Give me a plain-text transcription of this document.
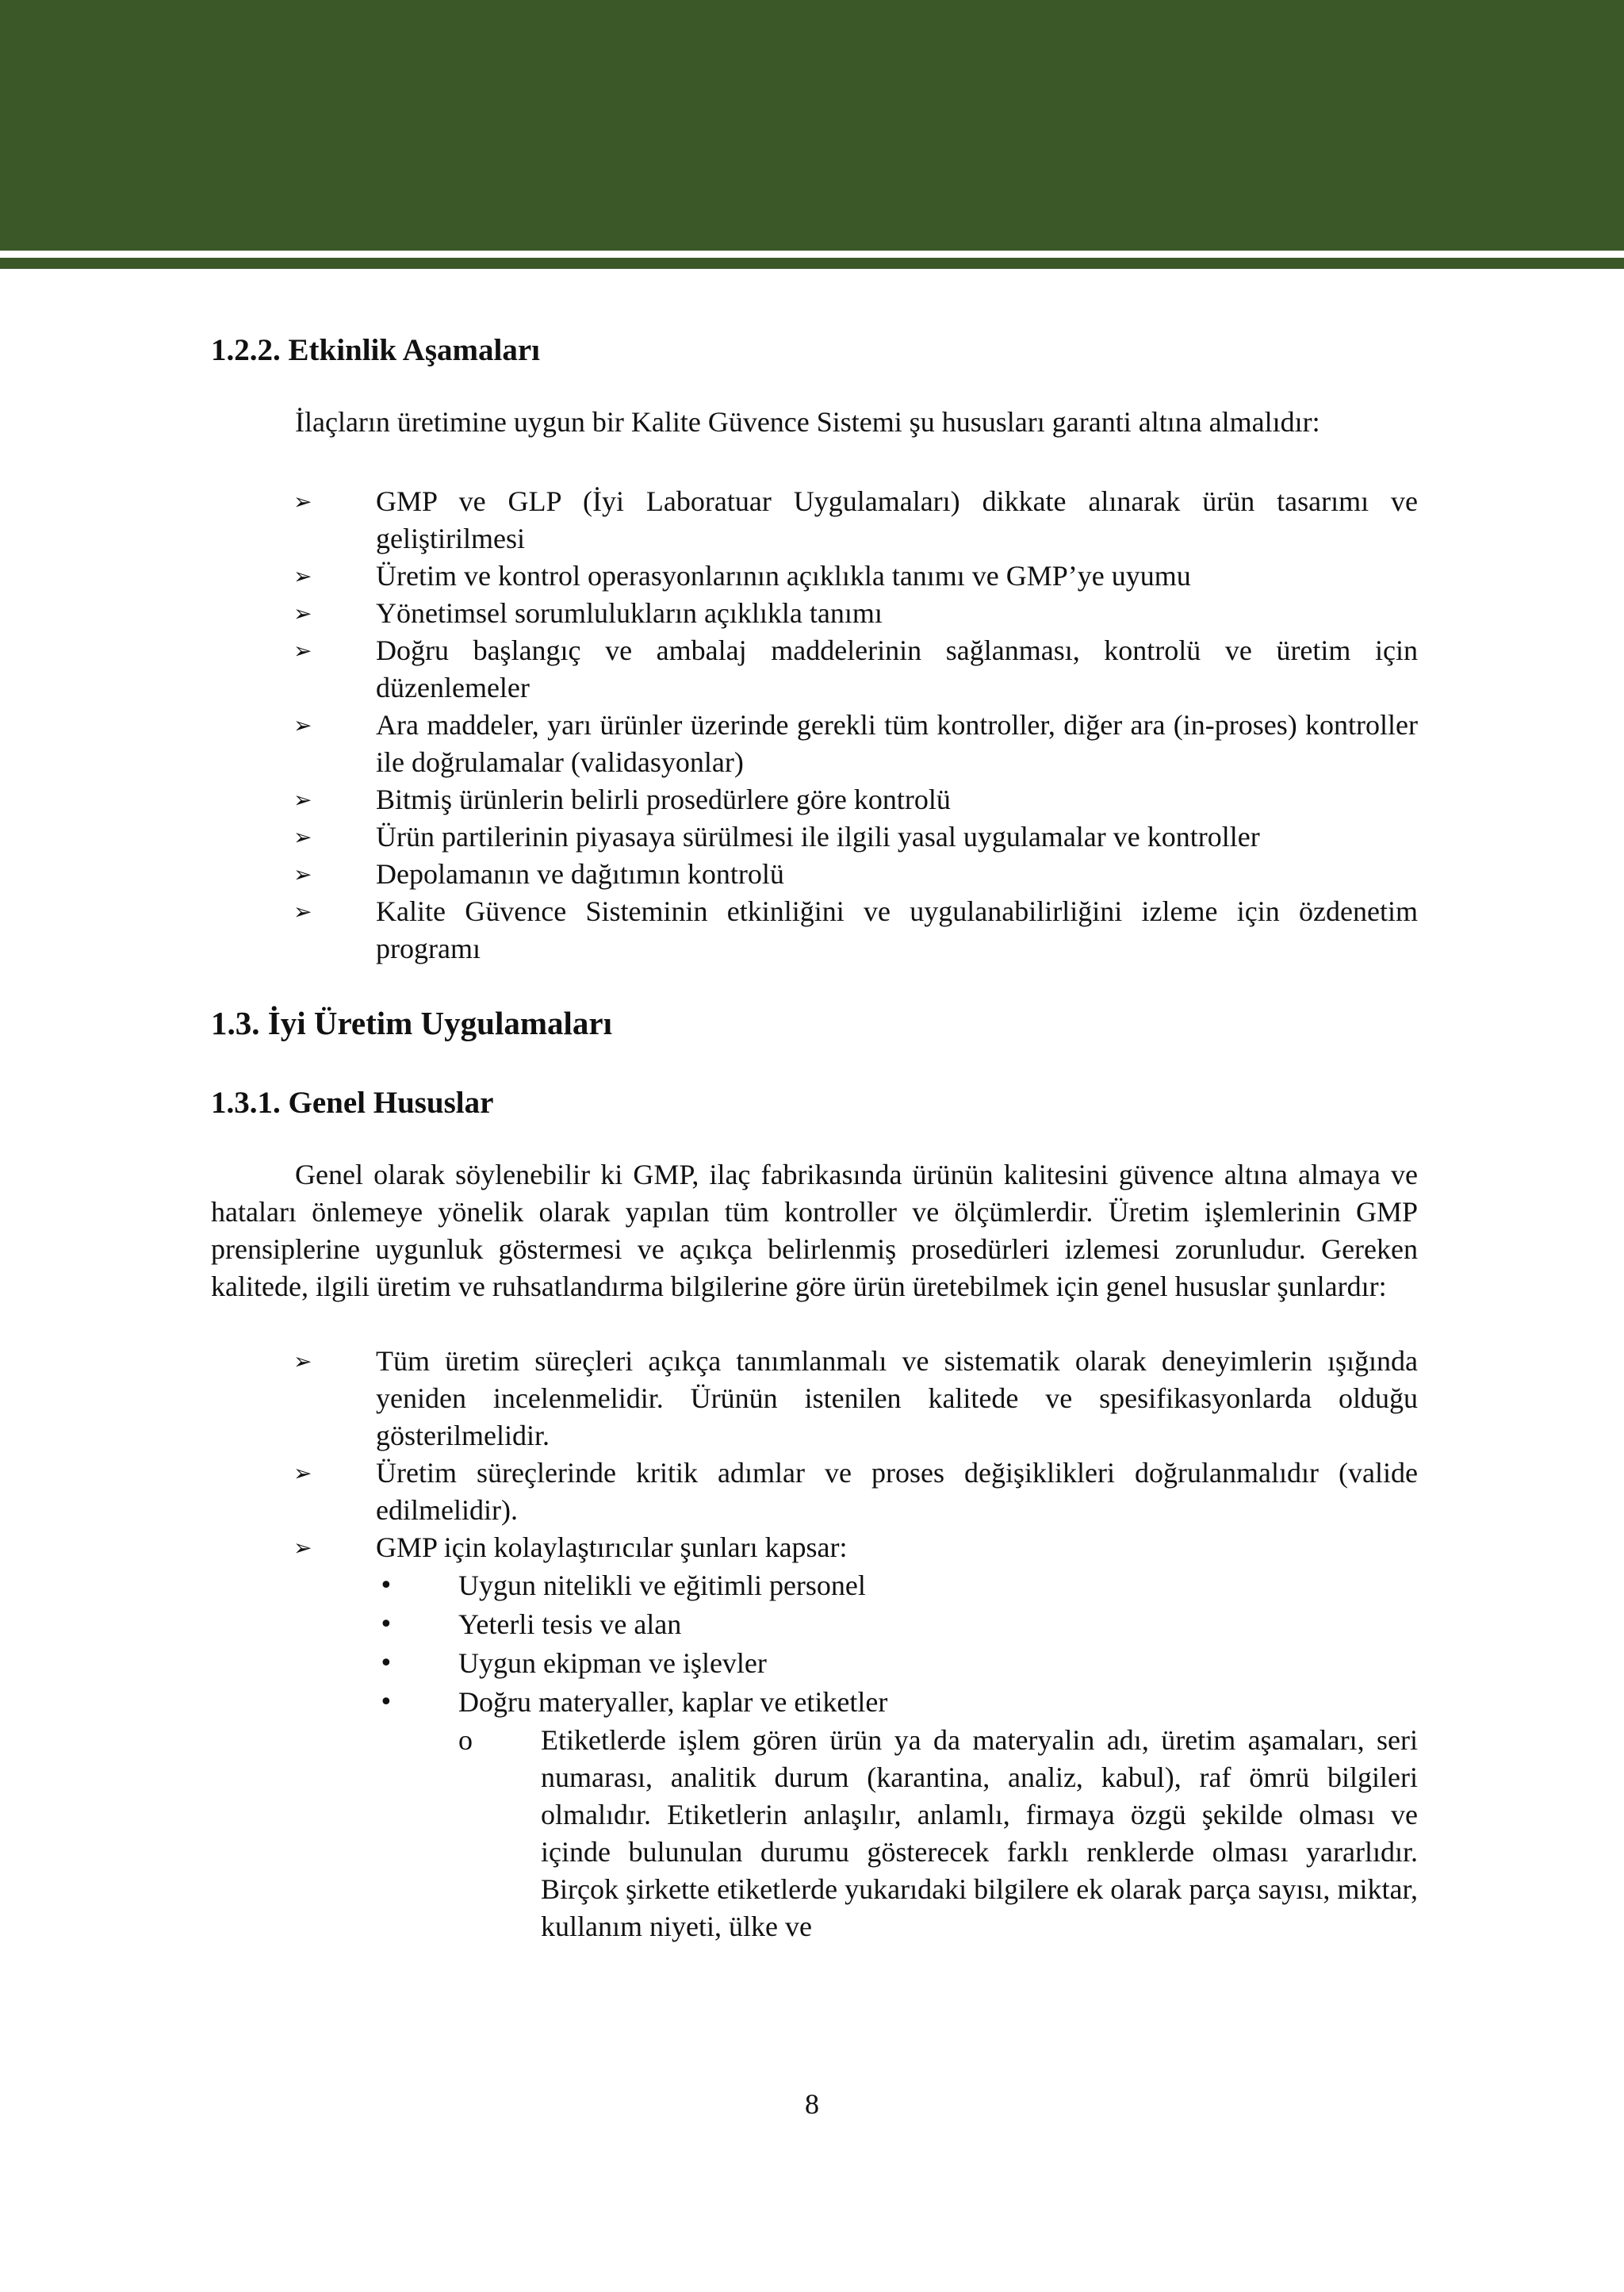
1.2.2. Etkinlik Aşamaları

İlaçların üretimine uygun bir Kalite Güvence Sistemi şu hususları garanti altına almalıdır:

➢ GMP ve GLP (İyi Laboratuar Uygulamaları) dikkate alınarak ürün tasarımı ve geliştirilmesi
➢ Üretim ve kontrol operasyonlarının açıklıkla tanımı ve GMP’ye uyumu
➢ Yönetimsel sorumlulukların açıklıkla tanımı
➢ Doğru başlangıç ve ambalaj maddelerinin sağlanması, kontrolü ve üretim için düzenlemeler
➢ Ara maddeler, yarı ürünler üzerinde gerekli tüm kontroller, diğer ara (in-proses) kontroller ile doğrulamalar (validasyonlar)
➢ Bitmiş ürünlerin belirli prosedürlere göre kontrolü
➢ Ürün partilerinin piyasaya sürülmesi ile ilgili yasal uygulamalar ve kontroller
➢ Depolamanın ve dağıtımın kontrolü
➢ Kalite Güvence Sisteminin etkinliğini ve uygulanabilirliğini izleme için özdenetim programı
1.3. İyi Üretim Uygulamaları
1.3.1. Genel Hususlar

Genel olarak söylenebilir ki GMP, ilaç fabrikasında ürünün kalitesini güvence altına almaya ve hataları önlemeye yönelik olarak yapılan tüm kontroller ve ölçümlerdir. Üretim işlemlerinin GMP prensiplerine uygunluk göstermesi ve açıkça belirlenmiş prosedürleri izlemesi zorunludur. Gereken kalitede, ilgili üretim ve ruhsatlandırma bilgilerine göre ürün üretebilmek için genel hususlar şunlardır:

➢ Tüm üretim süreçleri açıkça tanımlanmalı ve sistematik olarak deneyimlerin ışığında yeniden incelenmelidir. Ürünün istenilen kalitede ve spesifikasyonlarda olduğu gösterilmelidir.
➢ Üretim süreçlerinde kritik adımlar ve proses değişiklikleri doğrulanmalıdır (valide edilmelidir).
➢ GMP için kolaylaştırıcılar şunları kapsar:
• Uygun nitelikli ve eğitimli personel
• Yeterli tesis ve alan
• Uygun ekipman ve işlevler
• Doğru materyaller, kaplar ve etiketler
o Etiketlerde işlem gören ürün ya da materyalin adı, üretim aşamaları, seri numarası, analitik durum (karantina, analiz, kabul), raf ömrü bilgileri olmalıdır. Etiketlerin anlaşılır, anlamlı, firmaya özgü şekilde olması ve içinde bulunulan durumu gösterecek farklı renklerde olması yararlıdır. Birçok şirkette etiketlerde yukarıdaki bilgilere ek olarak parça sayısı, miktar, kullanım niyeti, ülke ve
8
